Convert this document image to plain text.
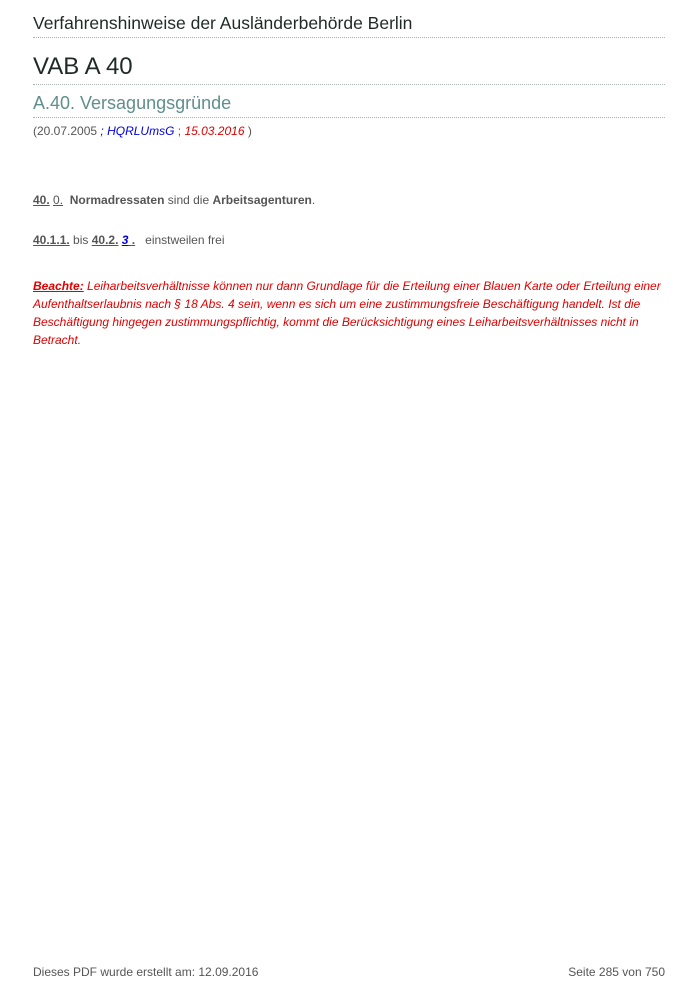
Verfahrenshinweise der Ausländerbehörde Berlin
VAB A 40
A.40. Versagungsgründe
(20.07.2005 ; HQRLUmsG ; 15.03.2016 )
40. 0. Normadressaten sind die Arbeitsagenturen.
40.1.1. bis 40.2. 3 . einstweilen frei
Beachte: Leiharbeitsverhältnisse können nur dann Grundlage für die Erteilung einer Blauen Karte oder Erteilung einer Aufenthaltserlaubnis nach § 18 Abs. 4 sein, wenn es sich um eine zustimmungsfreie Beschäftigung handelt. Ist die Beschäftigung hingegen zustimmungspflichtig, kommt die Berücksichtigung eines Leiharbeitsverhältnisses nicht in Betracht.
Dieses PDF wurde erstellt am: 12.09.2016	Seite 285 von 750
